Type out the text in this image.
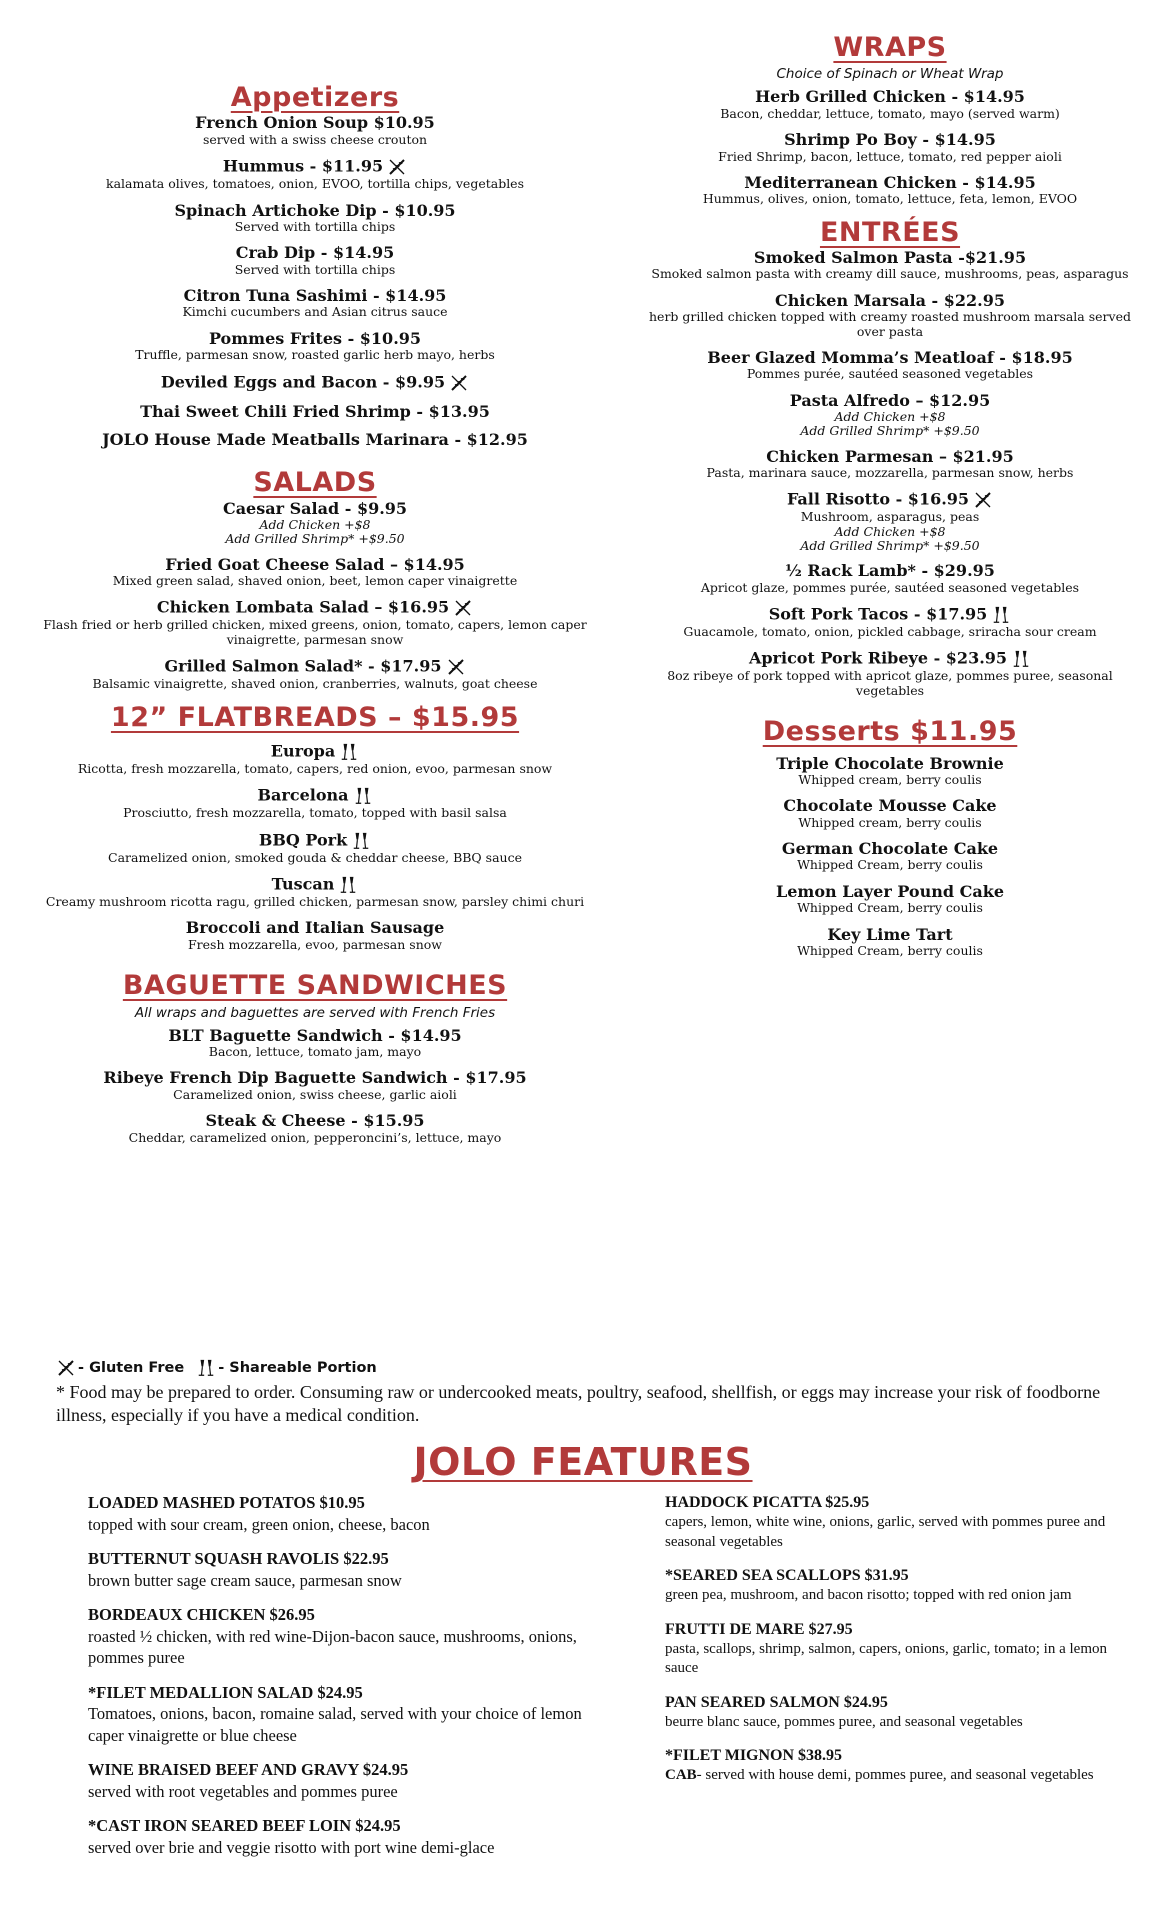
Appetizers
French Onion Soup $10.95
served with a swiss cheese crouton
Hummus - $11.95
kalamata olives, tomatoes, onion, EVOO, tortilla chips, vegetables
Spinach Artichoke Dip - $10.95
Served with tortilla chips
Crab Dip - $14.95
Served with tortilla chips
Citron Tuna Sashimi - $14.95
Kimchi cucumbers and Asian citrus sauce
Pommes Frites - $10.95
Truffle, parmesan snow, roasted garlic herb mayo, herbs
Deviled Eggs and Bacon - $9.95
Thai Sweet Chili Fried Shrimp - $13.95
JOLO House Made Meatballs Marinara - $12.95
SALADS
Caesar Salad - $9.95
Add Chicken +$8
Add Grilled Shrimp* +$9.50
Fried Goat Cheese Salad – $14.95
Mixed green salad, shaved onion, beet, lemon caper vinaigrette
Chicken Lombata Salad – $16.95
Flash fried or herb grilled chicken, mixed greens, onion, tomato, capers, lemon caper vinaigrette, parmesan snow
Grilled Salmon Salad* - $17.95
Balsamic vinaigrette, shaved onion, cranberries, walnuts, goat cheese
12” FLATBREADS – $15.95
Europa
Ricotta, fresh mozzarella, tomato, capers, red onion, evoo, parmesan snow
Barcelona
Prosciutto, fresh mozzarella, tomato, topped with basil salsa
BBQ Pork
Caramelized onion, smoked gouda & cheddar cheese, BBQ sauce
Tuscan
Creamy mushroom ricotta ragu, grilled chicken, parmesan snow, parsley chimi churi
Broccoli and Italian Sausage
Fresh mozzarella, evoo, parmesan snow
BAGUETTE SANDWICHES
All wraps and baguettes are served with French Fries
BLT Baguette Sandwich - $14.95
Bacon, lettuce, tomato jam, mayo
Ribeye French Dip Baguette Sandwich - $17.95
Caramelized onion, swiss cheese, garlic aioli
Steak & Cheese - $15.95
Cheddar, caramelized onion, pepperoncini’s, lettuce, mayo
WRAPS
Choice of Spinach or Wheat Wrap
Herb Grilled Chicken - $14.95
Bacon, cheddar, lettuce, tomato, mayo (served warm)
Shrimp Po Boy - $14.95
Fried Shrimp, bacon, lettuce, tomato, red pepper aioli
Mediterranean Chicken - $14.95
Hummus, olives, onion, tomato, lettuce, feta, lemon, EVOO
ENTRÉES
Smoked Salmon Pasta -$21.95
Smoked salmon pasta with creamy dill sauce, mushrooms, peas, asparagus
Chicken Marsala - $22.95
herb grilled chicken topped with creamy roasted mushroom marsala served over pasta
Beer Glazed Momma’s Meatloaf - $18.95
Pommes purée, sautéed seasoned vegetables
Pasta Alfredo – $12.95
Add Chicken +$8
Add Grilled Shrimp* +$9.50
Chicken Parmesan – $21.95
Pasta, marinara sauce, mozzarella, parmesan snow, herbs
Fall Risotto - $16.95
Mushroom, asparagus, peas
Add Chicken +$8
Add Grilled Shrimp* +$9.50
½ Rack Lamb* - $29.95
Apricot glaze, pommes purée, sautéed seasoned vegetables
Soft Pork Tacos - $17.95
Guacamole, tomato, onion, pickled cabbage, sriracha sour cream
Apricot Pork Ribeye - $23.95
8oz ribeye of pork topped with apricot glaze, pommes puree, seasonal vegetables
Desserts $11.95
Triple Chocolate Brownie
Whipped cream, berry coulis
Chocolate Mousse Cake
Whipped cream, berry coulis
German Chocolate Cake
Whipped Cream, berry coulis
Lemon Layer Pound Cake
Whipped Cream, berry coulis
Key Lime Tart
Whipped Cream, berry coulis
- Gluten Free - Shareable Portion
* Food may be prepared to order. Consuming raw or undercooked meats, poultry, seafood, shellfish, or eggs may increase your risk of foodborne illness, especially if you have a medical condition.
JOLO FEATURES
LOADED MASHED POTATOS $10.95
topped with sour cream, green onion, cheese, bacon
BUTTERNUT SQUASH RAVOLIS $22.95
brown butter sage cream sauce, parmesan snow
BORDEAUX CHICKEN $26.95
roasted ½ chicken, with red wine-Dijon-bacon sauce, mushrooms, onions, pommes puree
*FILET MEDALLION SALAD $24.95
Tomatoes, onions, bacon, romaine salad, served with your choice of lemon caper vinaigrette or blue cheese
WINE BRAISED BEEF AND GRAVY $24.95
served with root vegetables and pommes puree
*CAST IRON SEARED BEEF LOIN $24.95
served over brie and veggie risotto with port wine demi-glace
HADDOCK PICATTA $25.95
capers, lemon, white wine, onions, garlic, served with pommes puree and seasonal vegetables
*SEARED SEA SCALLOPS $31.95
green pea, mushroom, and bacon risotto; topped with red onion jam
FRUTTI DE MARE $27.95
pasta, scallops, shrimp, salmon, capers, onions, garlic, tomato; in a lemon sauce
PAN SEARED SALMON $24.95
beurre blanc sauce, pommes puree, and seasonal vegetables
*FILET MIGNON $38.95
CAB- served with house demi, pommes puree, and seasonal vegetables
